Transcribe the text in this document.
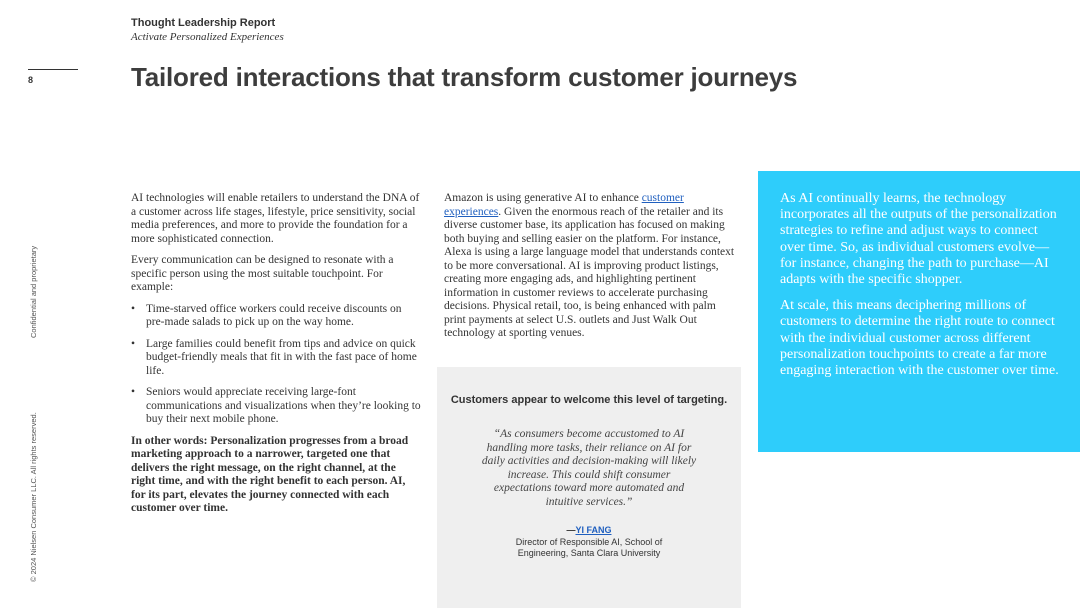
Thought Leadership Report
Activate Personalized Experiences
8	Tailored interactions that transform customer journeys
Confidential and proprietary
© 2024 Nielsen Consumer LLC. All rights reserved.

AI technologies will enable retailers to understand the DNA of a customer across life stages, lifestyle, price sensitivity, social media preferences, and more to provide the foundation for a more sophisticated connection.

Every communication can be designed to resonate with a specific person using the most suitable touchpoint. For example:

• Time-starved office workers could receive discounts on pre-made salads to pick up on the way home.
• Large families could benefit from tips and advice on quick budget-friendly meals that fit in with the fast pace of home life.
• Seniors would appreciate receiving large-font communications and visualizations when they’re looking to buy their next mobile phone.

In other words: Personalization progresses from a broad marketing approach to a narrower, targeted one that delivers the right message, on the right channel, at the right time, and with the right benefit to each person. AI, for its part, elevates the journey connected with each customer over time.

Amazon is using generative AI to enhance customer experiences. Given the enormous reach of the retailer and its diverse customer base, its application has focused on making both buying and selling easier on the platform. For instance, Alexa is using a large language model that understands context to be more conversational. AI is improving product listings, creating more engaging ads, and highlighting pertinent information in customer reviews to accelerate purchasing decisions. Physical retail, too, is being enhanced with palm print payments at select U.S. outlets and Just Walk Out technology at sporting venues.
Customers appear to welcome this level of targeting.
“As consumers become accustomed to AI handling more tasks, their reliance on AI for daily activities and decision-making will likely increase. This could shift consumer expectations toward more automated and intuitive services.”
—YI FANG
Director of Responsible AI, School of
Engineering, Santa Clara University

As AI continually learns, the technology incorporates all the outputs of the personalization strategies to refine and adjust ways to connect over time. So, as individual customers evolve—for instance, changing the path to purchase—AI adapts with the specific shopper.

At scale, this means deciphering millions of customers to determine the right route to connect with the individual customer across different personalization touchpoints to create a far more engaging interaction with the customer over time.
